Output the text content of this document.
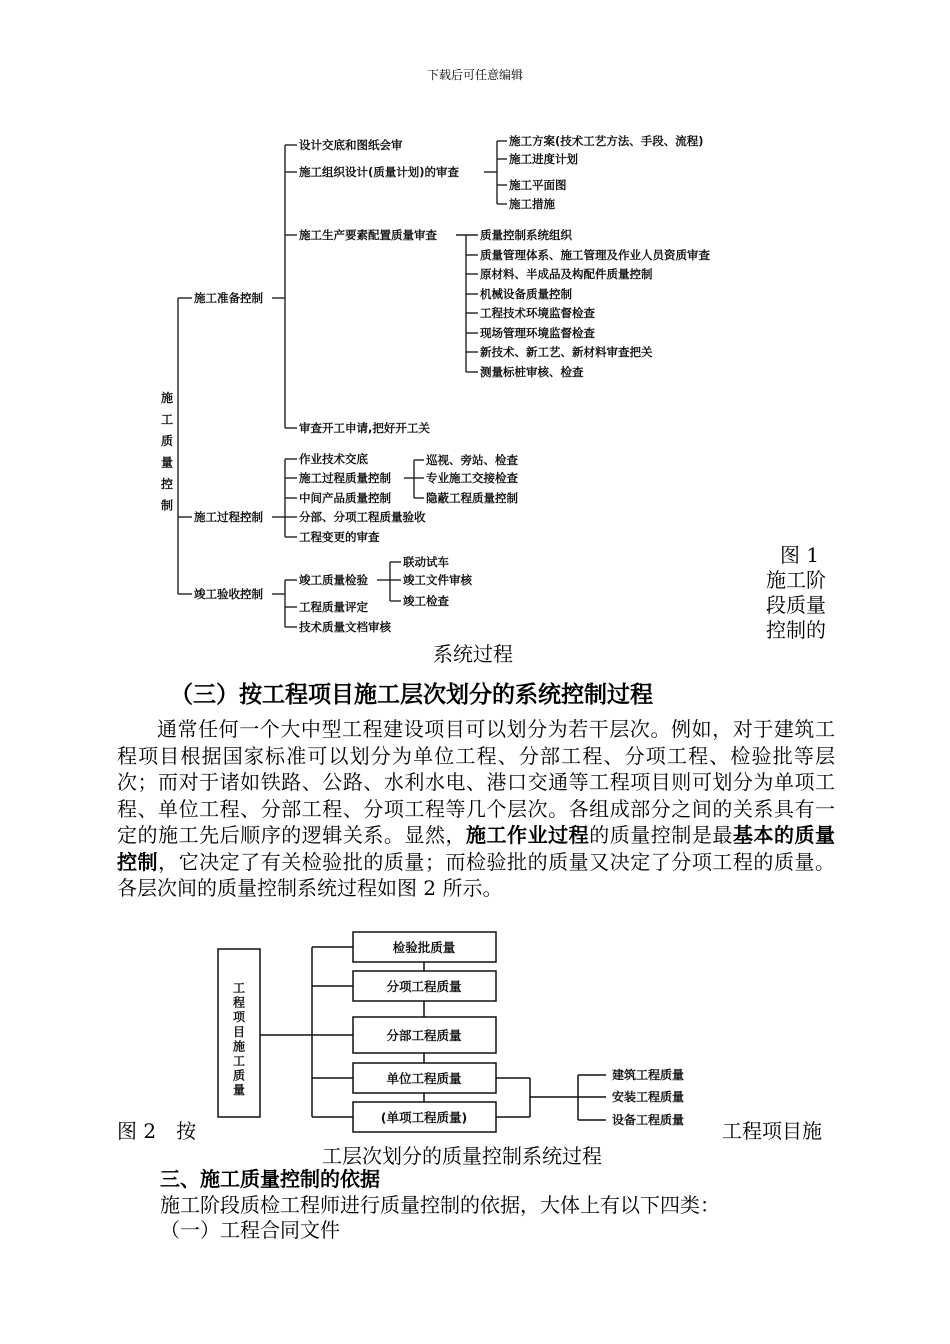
下载后可任意编辑
施工质量控制
施工准备控制
施工过程控制
竣工验收控制
设计交底和图纸会审
施工组织设计(质量计划)的审查
施工生产要素配置质量审查
审查开工申请,把好开工关
施工方案(技术工艺方法、手段、流程)
施工进度计划
施工平面图
施工措施
质量控制系统组织
质量管理体系、施工管理及作业人员资质审查
原材料、半成品及构配件质量控制
机械设备质量控制
工程技术环境监督检查
现场管理环境监督检查
新技术、新工艺、新材料审查把关
测量标桩审核、检查
作业技术交底
施工过程质量控制
中间产品质量控制
分部、分项工程质量验收
工程变更的审查
巡视、旁站、检查
专业施工交接检查
隐蔽工程质量控制
竣工质量检验
工程质量评定
技术质量文档审核
联动试车
竣工文件审核
竣工检查
图 1
施工阶
段质量
控制的
系统过程
（三）按工程项目施工层次划分的系统控制过程

通常任何一个大中型工程建设项目可以划分为若干层次。例如，对于建筑工程项目根据国家标准可以划分为单位工程、分部工程、分项工程、检验批等层次；而对于诸如铁路、公路、水利水电、港口交通等工程项目则可划分为单项工程、单位工程、分部工程、分项工程等几个层次。各组成部分之间的关系具有一定的施工先后顺序的逻辑关系。显然，施工作业过程的质量控制是最基本的质量控制，它决定了有关检验批的质量；而检验批的质量又决定了分项工程的质量。各层次间的质量控制系统过程如图 2 所示。

工程项目施工质量
检验批质量
分项工程质量
分部工程质量
单位工程质量
(单项工程质量)
建筑工程质量
安装工程质量
设备工程质量
图 2　按	工程项目施
工层次划分的质量控制系统过程
三、施工质量控制的依据
施工阶段质检工程师进行质量控制的依据，大体上有以下四类：
（一）工程合同文件
